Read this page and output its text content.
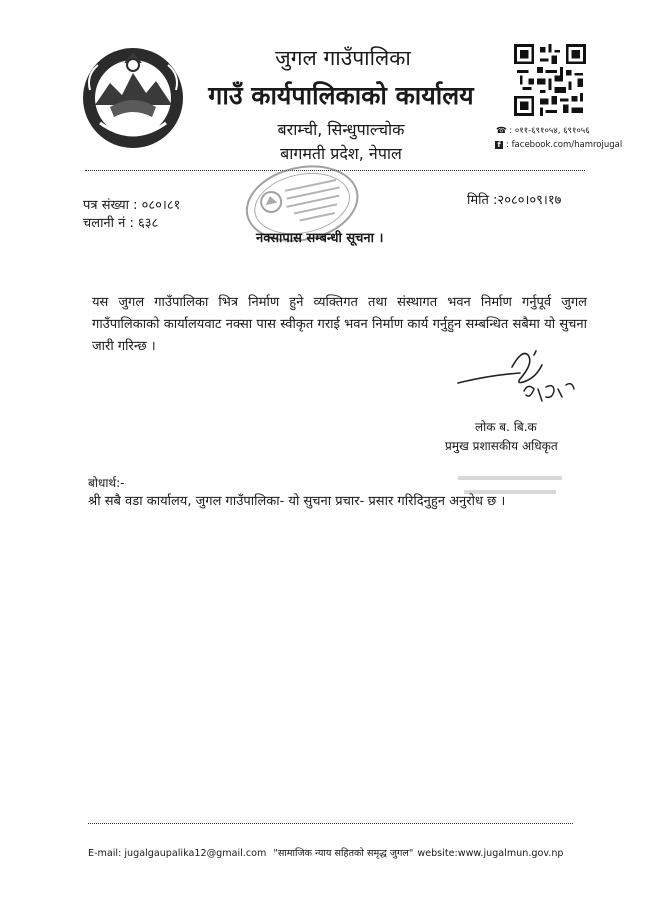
जुगल गाउँपालिका
गाउँ कार्यपालिकाको कार्यालय
बराम्ची, सिन्धुपाल्चोक
बागमती प्रदेश, नेपाल
☎ : ०११-६९१०५४, ६९१०५६
f : facebook.com/hamrojugal
पत्र संख्या : ०८०।८१
चलानी नं : ६३८
मिति :२०८०।०९।१७
नक्सापास सम्बन्धी सूचना ।
यस जुगल गाउँपालिका भित्र निर्माण हुने व्यक्तिगत तथा संस्थागत भवन निर्माण गर्नुपूर्व जुगल गाउँपालिकाको कार्यालयवाट नक्सा पास स्वीकृत गराई भवन निर्माण कार्य गर्नुहुन सम्बन्धित सबैमा यो सुचना जारी गरिन्छ ।
लोक ब. बि.क
प्रमुख प्रशासकीय अधिकृत
बोधार्थ:-
श्री सबै वडा कार्यालय, जुगल गाउँपालिका- यो सुचना प्रचार- प्रसार गरिदिनुहुन अनुरोध छ ।
E-mail: jugalgaupalika12@gmail.com "सामाजिक न्याय सहितको समृद्ध जुगल" website:www.jugalmun.gov.np
